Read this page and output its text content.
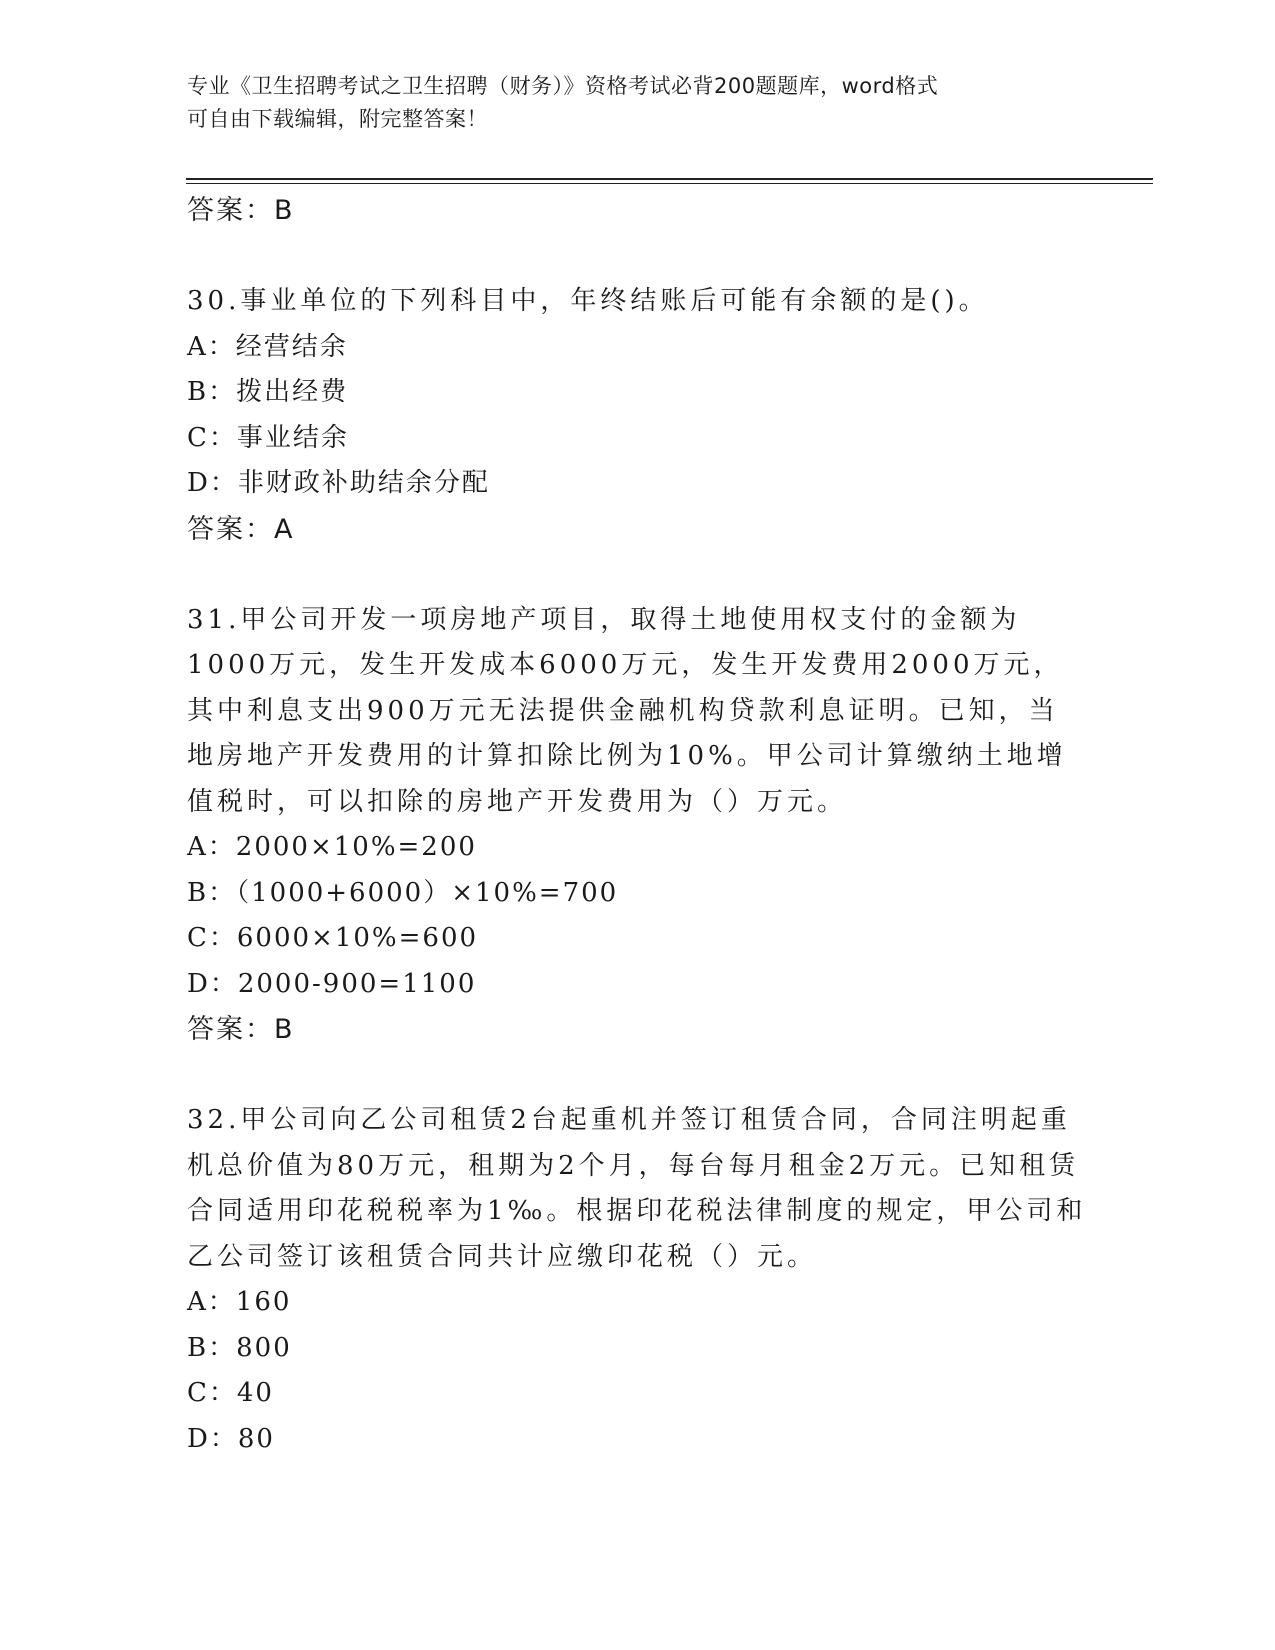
专业《卫生招聘考试之卫生招聘（财务）》资格考试必背200题题库，word格式
可自由下载编辑，附完整答案！
答案：B

30.事业单位的下列科目中，年终结账后可能有余额的是()。

A：经营结余
B：拨出经费
C：事业结余
D：非财政补助结余分配
答案：A

31.甲公司开发一项房地产项目，取得土地使用权支付的金额为1000万元，发生开发成本6000万元，发生开发费用2000万元，其中利息支出900万元无法提供金融机构贷款利息证明。已知，当地房地产开发费用的计算扣除比例为10%。甲公司计算缴纳土地增值税时，可以扣除的房地产开发费用为（）万元。

A：2000×10%=200
B：（1000+6000）×10%=700
C：6000×10%=600
D：2000-900=1100
答案：B

32.甲公司向乙公司租赁2台起重机并签订租赁合同，合同注明起重机总价值为80万元，租期为2个月，每台每月租金2万元。已知租赁合同适用印花税税率为1‰。根据印花税法律制度的规定，甲公司和乙公司签订该租赁合同共计应缴印花税（）元。

A：160
B：800
C：40
D：80
